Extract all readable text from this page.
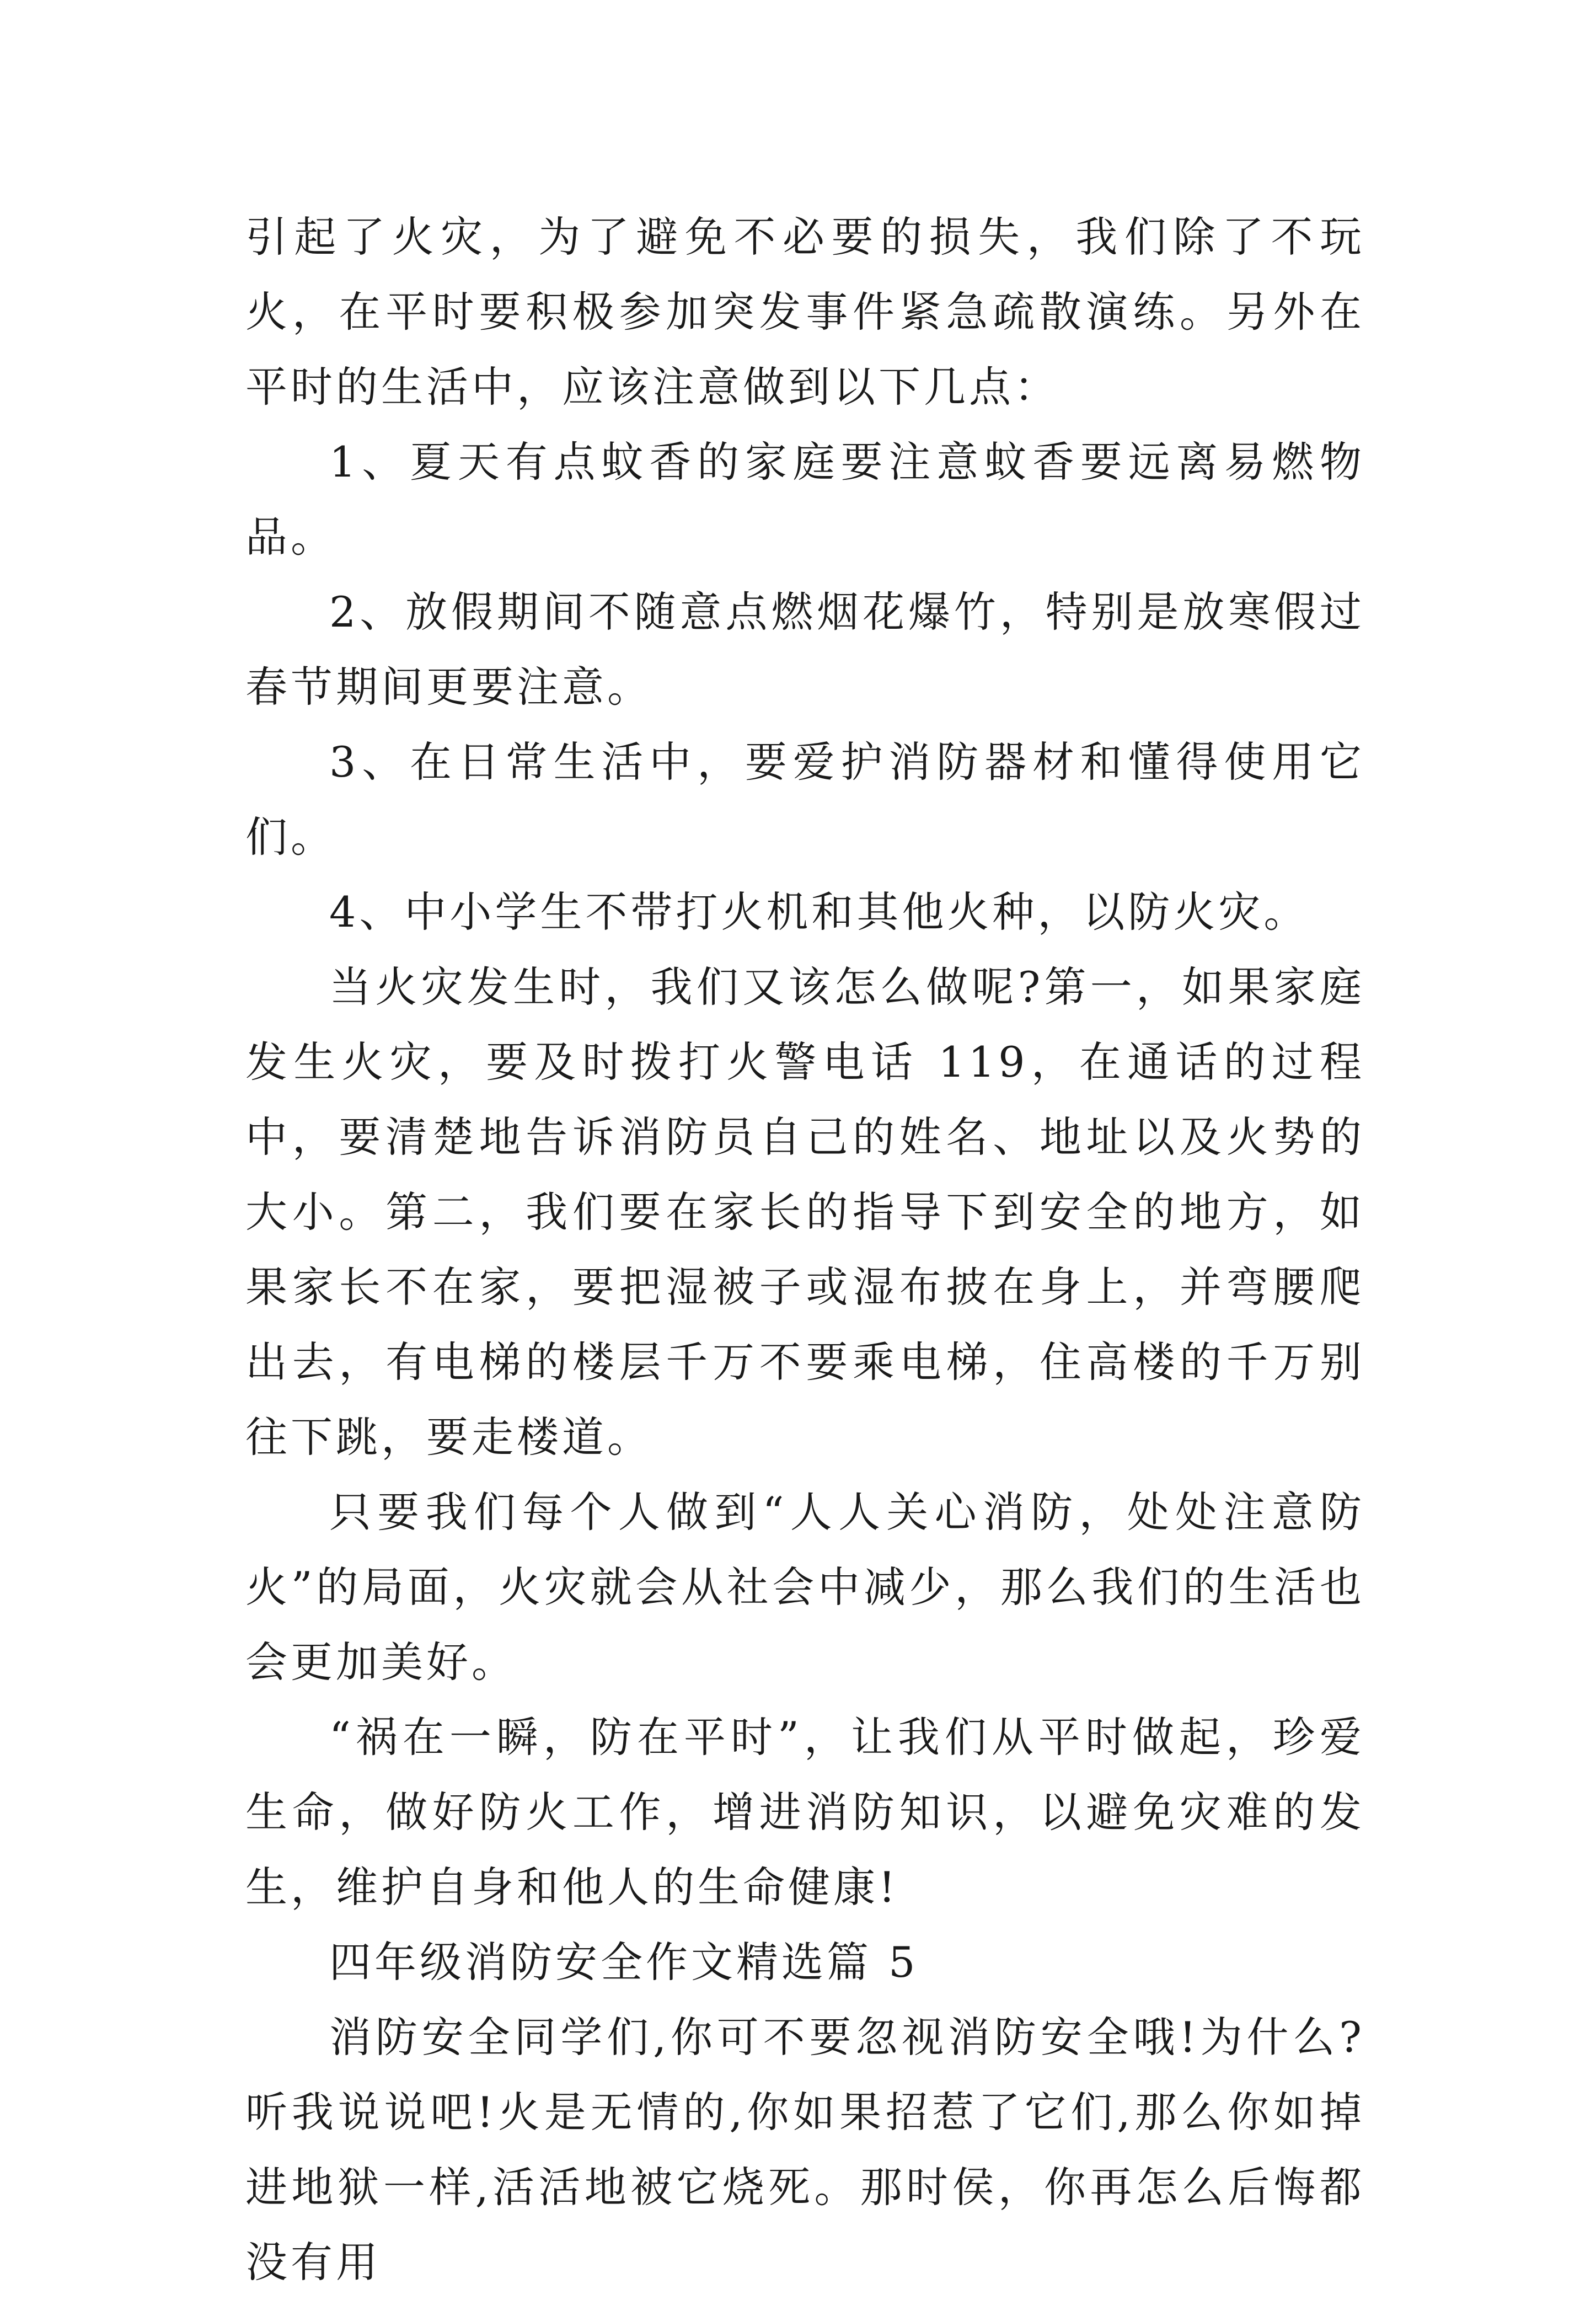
引起了火灾，为了避免不必要的损失，我们除了不玩火，在平时要积极参加突发事件紧急疏散演练。另外在平时的生活中，应该注意做到以下几点：

1、夏天有点蚊香的家庭要注意蚊香要远离易燃物品。

2、放假期间不随意点燃烟花爆竹，特别是放寒假过春节期间更要注意。

3、在日常生活中，要爱护消防器材和懂得使用它们。

4、中小学生不带打火机和其他火种，以防火灾。

当火灾发生时，我们又该怎么做呢?第一，如果家庭发生火灾，要及时拨打火警电话 119，在通话的过程中，要清楚地告诉消防员自己的姓名、地址以及火势的大小。第二，我们要在家长的指导下到安全的地方，如果家长不在家，要把湿被子或湿布披在身上，并弯腰爬出去，有电梯的楼层千万不要乘电梯，住高楼的千万别往下跳，要走楼道。

只要我们每个人做到“人人关心消防，处处注意防火”的局面，火灾就会从社会中减少，那么我们的生活也会更加美好。

“祸在一瞬，防在平时”，让我们从平时做起，珍爱生命，做好防火工作，增进消防知识，以避免灾难的发生，维护自身和他人的生命健康!

四年级消防安全作文精选篇 5

消防安全同学们,你可不要忽视消防安全哦!为什么?听我说说吧!火是无情的,你如果招惹了它们,那么你如掉进地狱一样,活活地被它烧死。那时侯，你再怎么后悔都没有用
